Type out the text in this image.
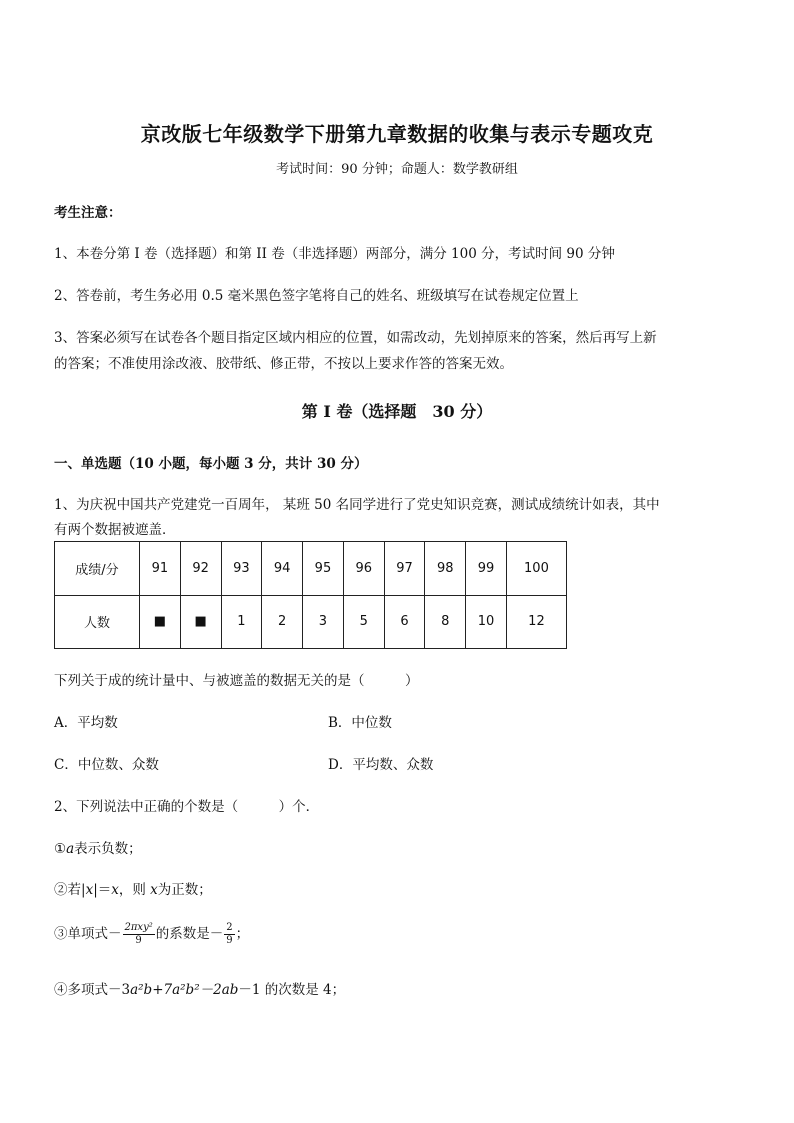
京改版七年级数学下册第九章数据的收集与表示专题攻克
考试时间：90 分钟；命题人：数学教研组
考生注意：
1、本卷分第 I 卷（选择题）和第 II 卷（非选择题）两部分，满分 100 分，考试时间 90 分钟
2、答卷前，考生务必用 0.5 毫米黑色签字笔将自己的姓名、班级填写在试卷规定位置上
3、答案必须写在试卷各个题目指定区域内相应的位置，如需改动，先划掉原来的答案，然后再写上新
的答案；不准使用涂改液、胶带纸、修正带，不按以上要求作答的答案无效。
第 I 卷（选择题　30 分）
一、单选题（10 小题，每小题 3 分，共计 30 分）
1、为庆祝中国共产党建党一百周年， 某班 50 名同学进行了党史知识竞赛，测试成绩统计如表，其中
有两个数据被遮盖．
成绩/分	91	92	93	94	95	96	97	98	99	100
人数	■	■	1	2	3	5	6	8	10	12
下列关于成的统计量中、与被遮盖的数据无关的是（　　　）
A．平均数	B．中位数
C．中位数、众数	D．平均数、众数
2、下列说法中正确的个数是（　　　）个．
①a表示负数；
②若|x|＝x，则 x为正数；
③单项式－ $\frac{\text{2πxy²}}{9}$ 的系数是－ $\frac{2}{9}$ ；
④多项式－3a²b+7a²b²－2ab－1 的次数是 4；
